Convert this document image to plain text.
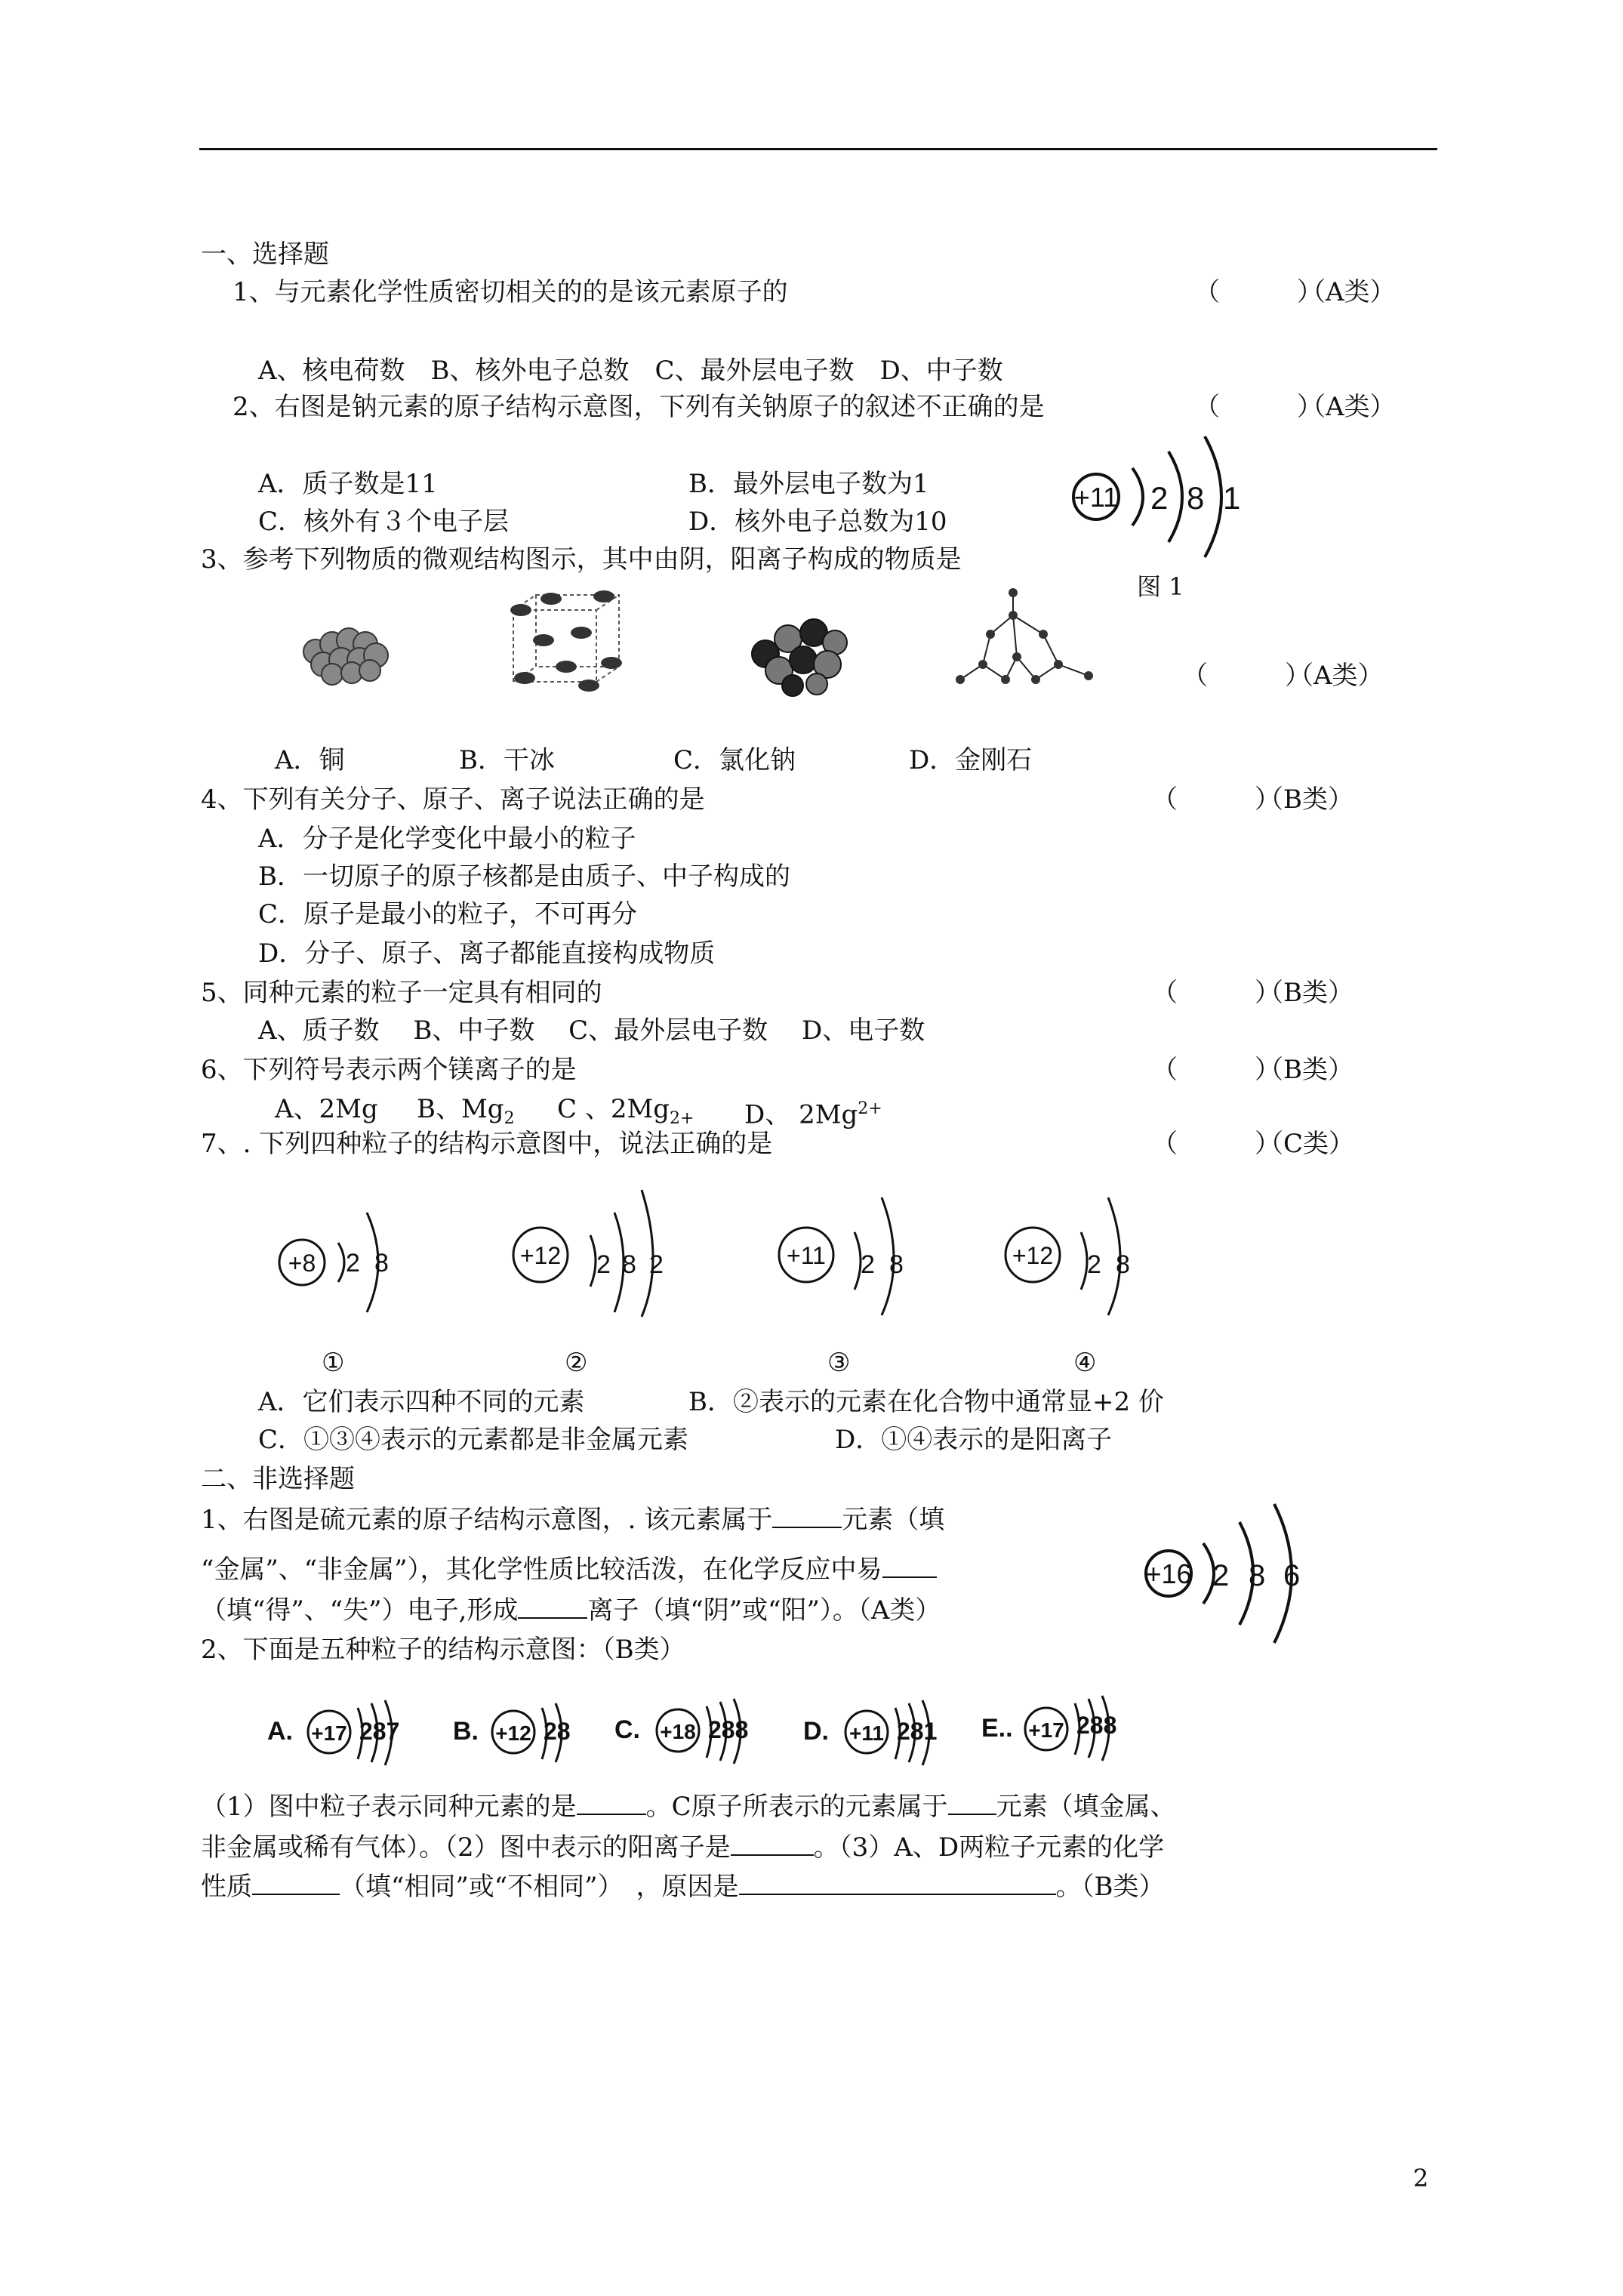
一、选择题
1、与元素化学性质密切相关的的是该元素原子的	（　　　）
（A类）
A、核电荷数　B、核外电子总数　C、最外层电子数　D、中子数
2、右图是钠元素的原子结构示意图，下列有关钠原子的叙述不正确的是	（　　　）
（A类）
A．质子数是11	B．最外层电子数为1
C．核外有３个电子层	D．核外电子总数为10
+11 2 8 1
图 1
3、参考下列物质的微观结构图示，其中由阴，阳离子构成的物质是
（　　　）
（A类）
A．铜	B．干冰	C．氯化钠	D．金刚石
4、下列有关分子、原子、离子说法正确的是	（　　　）
（B类）
A．分子是化学变化中最小的粒子
B．一切原子的原子核都是由质子、中子构成的
C．原子是最小的粒子，不可再分
D．分子、原子、离子都能直接构成物质
5、同种元素的粒子一定具有相同的	（　　　）
（B类）
A、质子数　 B、中子数　 C、最外层电子数　 D、电子数
6、下列符号表示两个镁离子的是	（　　　）
（B类）
A、2Mg B、$Mg_2$ C 、$2Mg_{2+}$ D、 $2Mg^{2+}$
7、. 下列四种粒子的结构示意图中，说法正确的是	（　　　）
（C类）
+8 2 8	+12 2 8 2	+11 2 8	+12 2 8
①	②	③	④
A．它们表示四种不同的元素	B．②表示的元素在化合物中通常显+2 价
C．①③④表示的元素都是非金属元素	D．①④表示的是阳离子
二、非选择题
1、右图是硫元素的原子结构示意图，. 该元素属于	元素（填
“金属”、“非金属”），其化学性质比较活泼，在化学反应中易
（填“得”、“失”）电子,形成	离子（填“阴”或“阳”）。（A类）
+16 2 8 6
2、下面是五种粒子的结构示意图：（B类）
A. +17 287 B. +12 28 C. +18 288 D. +11 281 E.. +17 288
（1）图中粒子表示同种元素的是	。C原子所表示的元素属于 元素（填金属、
非金属或稀有气体）。（2）图中表示的阳离子是	。（3）A、D两粒子元素的化学
性质	（填“相同”或“不相同”）　，原因是	。（B类）
2
